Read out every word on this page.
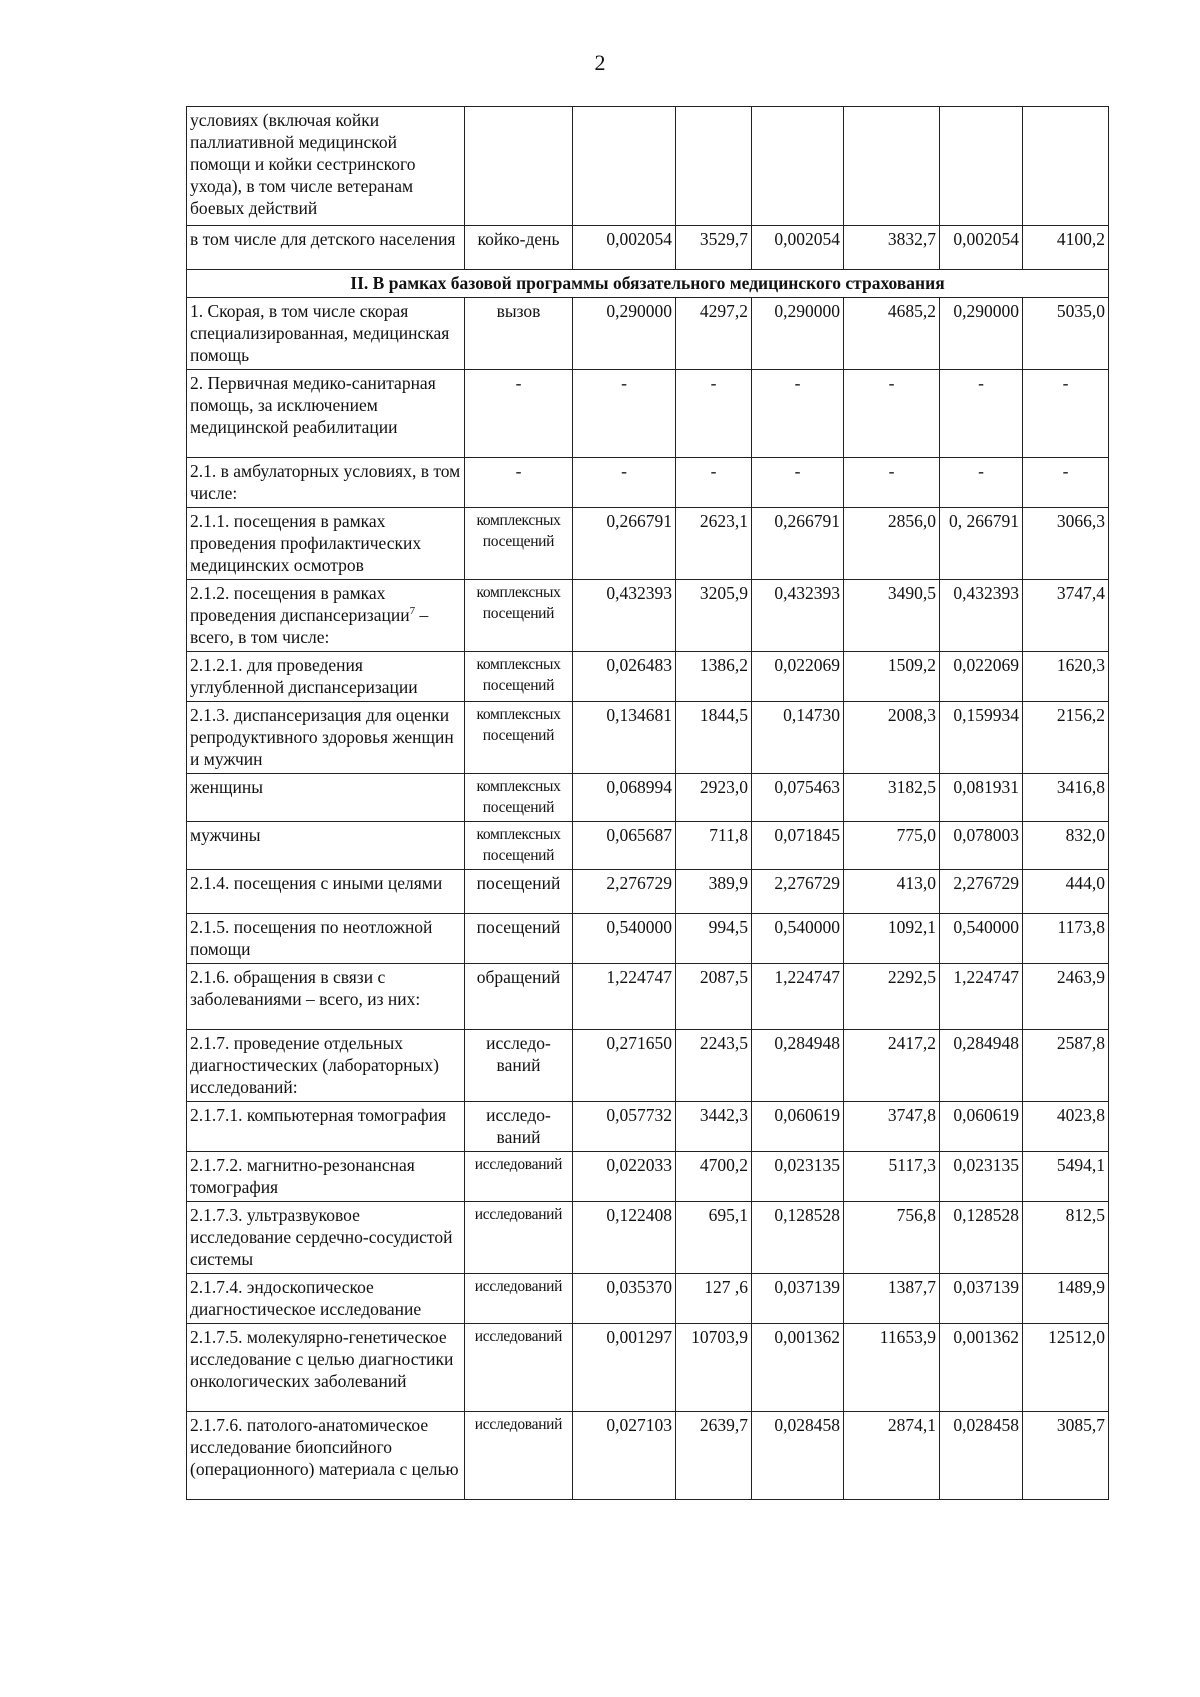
2
условиях (включая койки паллиативной медицинской помощи и койки сестринского ухода), в том числе ветеранам боевых действий							
в том числе для детского населения	койко-день	0,002054	3529,7	0,002054	3832,7	0,002054	4100,2
II. В рамках базовой программы обязательного медицинского страхования							
1. Скорая, в том числе скорая специализированная, медицинская помощь	вызов	0,290000	4297,2	0,290000	4685,2	0,290000	5035,0
2. Первичная медико-санитарная помощь, за исключением медицинской реабилитации	-	-	-	-	-	-	-
2.1. в амбулаторных условиях, в том числе:	-	-	-	-	-	-	-
2.1.1. посещения в рамках проведения профилактических медицинских осмотров	комплексных посещений	0,266791	2623,1	0,266791	2856,0	0, 266791	3066,3
2.1.2. посещения в рамках проведения диспансеризации$^7$ – всего, в том числе:	комплексных посещений	0,432393	3205,9	0,432393	3490,5	0,432393	3747,4
2.1.2.1. для проведения углубленной диспансеризации	комплексных посещений	0,026483	1386,2	0,022069	1509,2	0,022069	1620,3
2.1.3. диспансеризация для оценки репродуктивного здоровья женщин и мужчин	комплексных посещений	0,134681	1844,5	0,14730	2008,3	0,159934	2156,2
женщины	комплексных посещений	0,068994	2923,0	0,075463	3182,5	0,081931	3416,8
мужчины	комплексных посещений	0,065687	711,8	0,071845	775,0	0,078003	832,0
2.1.4. посещения с иными целями	посещений	2,276729	389,9	2,276729	413,0	2,276729	444,0
2.1.5. посещения по неотложной помощи	посещений	0,540000	994,5	0,540000	1092,1	0,540000	1173,8
2.1.6. обращения в связи с заболеваниями – всего, из них:	обращений	1,224747	2087,5	1,224747	2292,5	1,224747	2463,9
2.1.7. проведение отдельных диагностических (лабораторных) исследований:	исследо-ваний	0,271650	2243,5	0,284948	2417,2	0,284948	2587,8
2.1.7.1. компьютерная томография	исследо-ваний	0,057732	3442,3	0,060619	3747,8	0,060619	4023,8
2.1.7.2. магнитно-резонансная томография	исследований	0,022033	4700,2	0,023135	5117,3	0,023135	5494,1
2.1.7.3. ультразвуковое исследование сердечно-сосудистой системы	исследований	0,122408	695,1	0,128528	756,8	0,128528	812,5
2.1.7.4. эндоскопическое диагностическое исследование	исследований	0,035370	127 ,6	0,037139	1387,7	0,037139	1489,9
2.1.7.5. молекулярно-генетическое исследование с целью диагностики онкологических заболеваний	исследований	0,001297	10703,9	0,001362	11653,9	0,001362	12512,0
2.1.7.6. патолого-анатомическое исследование биопсийного (операционного) материала с целью	исследований	0,027103	2639,7	0,028458	2874,1	0,028458	3085,7
